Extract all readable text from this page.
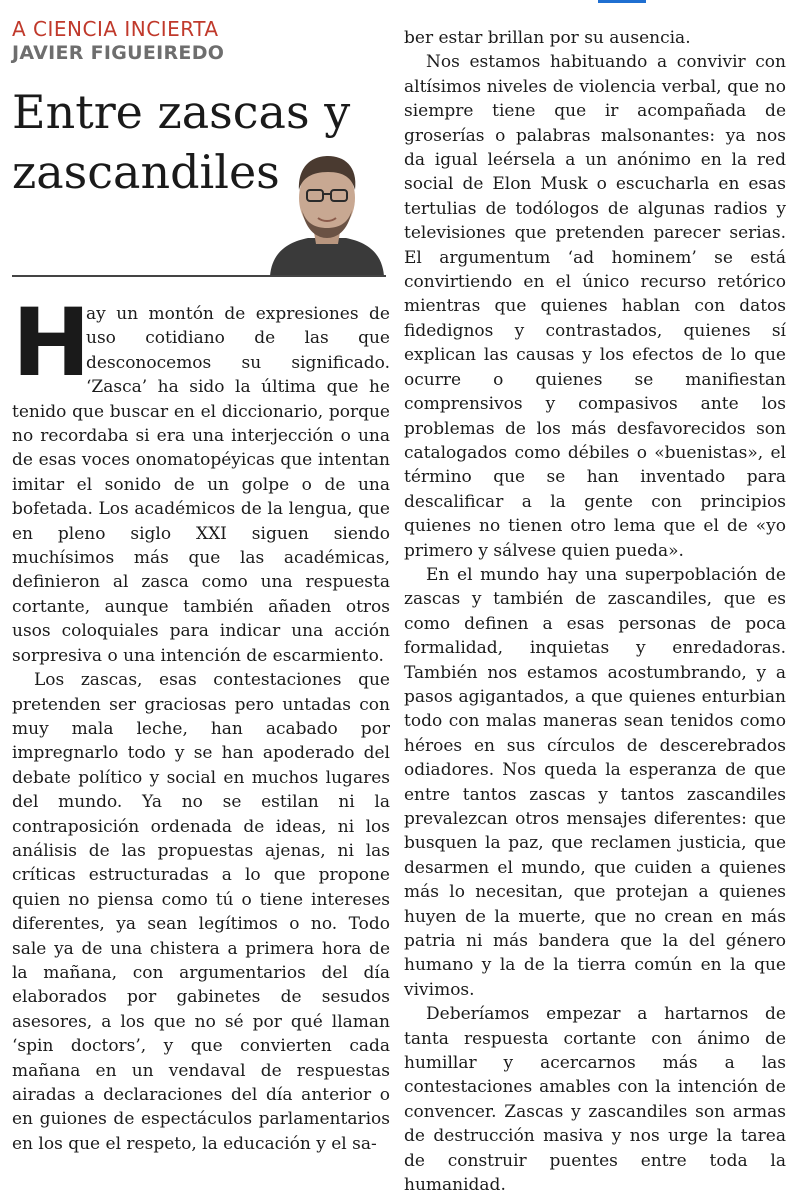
A CIENCIA INCIERTA
JAVIER FIGUEIREDO
Entre zascas y zascandiles

H
ay un montón de expresiones de uso cotidiano de las que desconocemos su significado. ‘Zasca’ ha sido la última que he tenido que buscar en el diccionario, porque no recordaba si era una interjección o una de esas voces onomatopéyicas que intentan imitar el sonido de un golpe o de una bofetada. Los académicos de la lengua, que en pleno siglo XXI siguen siendo muchísimos más que las académicas, definieron al zasca como una respuesta cortante, aunque también añaden otros usos coloquiales para indicar una acción sorpresiva o una intención de escarmiento.

Los zascas, esas contestaciones que pretenden ser graciosas pero untadas con muy mala leche, han acabado por impregnarlo todo y se han apoderado del debate político y social en muchos lugares del mundo. Ya no se estilan ni la contraposición ordenada de ideas, ni los análisis de las propuestas ajenas, ni las críticas estructuradas a lo que propone quien no piensa como tú o tiene intereses diferentes, ya sean legítimos o no. Todo sale ya de una chistera a primera hora de la mañana, con argumentarios del día elaborados por gabinetes de sesudos asesores, a los que no sé por qué llaman ‘spin doctors’, y que convierten cada mañana en un vendaval de respuestas airadas a declaraciones del día anterior o en guiones de espectáculos parlamentarios en los que el respeto, la educación y el sa-

ber estar brillan por su ausencia.

Nos estamos habituando a convivir con altísimos niveles de violencia verbal, que no siempre tiene que ir acompañada de groserías o palabras malsonantes: ya nos da igual leérsela a un anónimo en la red social de Elon Musk o escucharla en esas tertulias de todólogos de algunas radios y televisiones que pretenden parecer serias. El argumentum ‘ad hominem’ se está convirtiendo en el único recurso retórico mientras que quienes hablan con datos fidedignos y contrastados, quienes sí explican las causas y los efectos de lo que ocurre o quienes se manifiestan comprensivos y compasivos ante los problemas de los más desfavorecidos son catalogados como débiles o «buenistas», el término que se han inventado para descalificar a la gente con principios quienes no tienen otro lema que el de «yo primero y sálvese quien pueda».

En el mundo hay una superpoblación de zascas y también de zascandiles, que es como definen a esas personas de poca formalidad, inquietas y enredadoras. También nos estamos acostumbrando, y a pasos agigantados, a que quienes enturbian todo con malas maneras sean tenidos como héroes en sus círculos de descerebrados odiadores. Nos queda la esperanza de que entre tantos zascas y tantos zascandiles prevalezcan otros mensajes diferentes: que busquen la paz, que reclamen justicia, que desarmen el mundo, que cuiden a quienes más lo necesitan, que protejan a quienes huyen de la muerte, que no crean en más patria ni más bandera que la del género humano y la de la tierra común en la que vivimos.

Deberíamos empezar a hartarnos de tanta respuesta cortante con ánimo de humillar y acercarnos más a las contestaciones amables con la intención de convencer. Zascas y zascandiles son armas de destrucción masiva y nos urge la tarea de construir puentes entre toda la humanidad.
